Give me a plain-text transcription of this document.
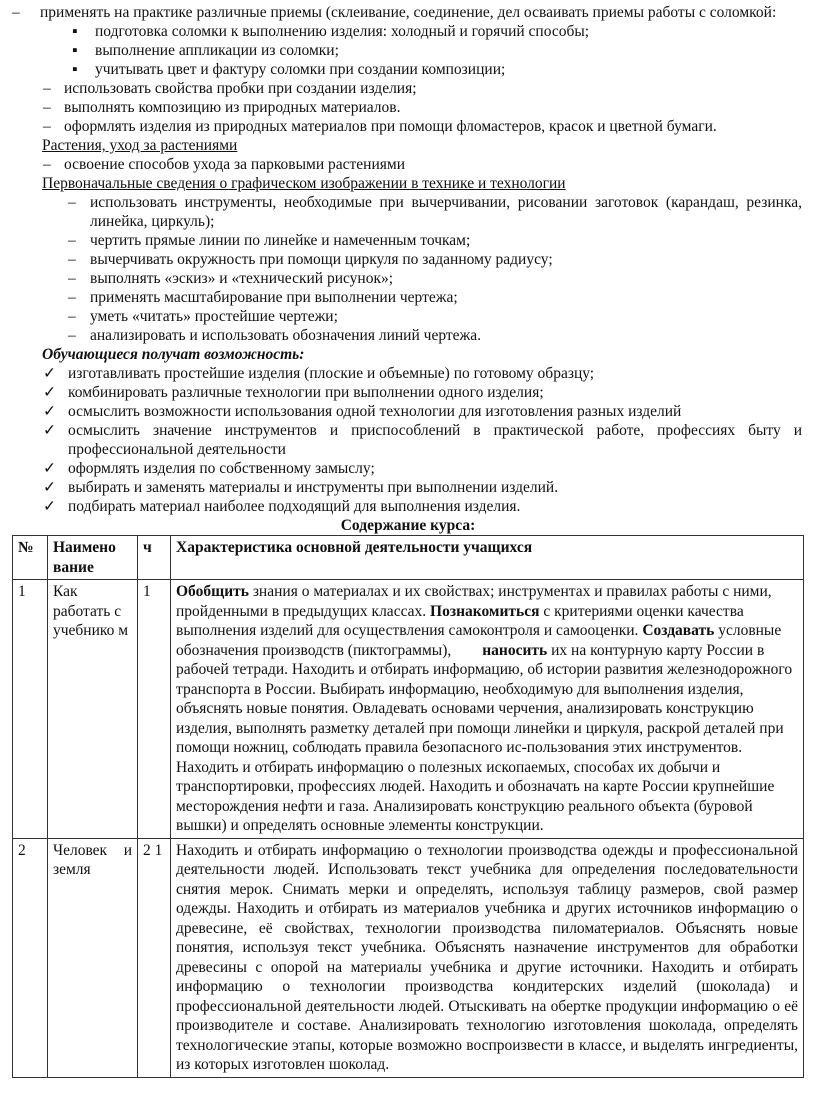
– применять на практике различные приемы (склеивание, соединение, дел осваивать приемы работы с соломкой:
▪ подготовка соломки к выполнению изделия: холодный и горячий способы;
▪ выполнение аппликации из соломки;
▪ учитывать цвет и фактуру соломки при создании композиции;
– использовать свойства пробки при создании изделия;
– выполнять композицию из природных материалов.
– оформлять изделия из природных материалов при помощи фломастеров, красок и цветной бумаги.
Растения, уход за растениями
– освоение способов ухода за парковыми растениями
Первоначальные сведения о графическом изображении в технике и технологии
– использовать инструменты, необходимые при вычерчивании, рисовании заготовок (карандаш, резинка, линейка, циркуль);
– чертить прямые линии по линейке и намеченным точкам;
– вычерчивать окружность при помощи циркуля по заданному радиусу;
– выполнять «эскиз» и «технический рисунок»;
– применять масштабирование при выполнении чертежа;
– уметь «читать» простейшие чертежи;
– анализировать и использовать обозначения линий чертежа.
Обучающиеся получат возможность:
✓ изготавливать простейшие изделия (плоские и объемные) по готовому образцу;
✓ комбинировать различные технологии при выполнении одного изделия;
✓ осмыслить возможности использования одной технологии для изготовления разных изделий
✓ осмыслить значение инструментов и приспособлений в практической работе, профессиях быту и профессиональной деятельности
✓ оформлять изделия по собственному замыслу;
✓ выбирать и заменять материалы и инструменты при выполнении изделий.
✓ подбирать материал наиболее подходящий для выполнения изделия.
Содержание курса:
№	Наимено вание	ч	Характеристика основной деятельности учащихся
1	Как работать с учебнико м	1	Обобщить знания о материалах и их свойствах; инструментах и правилах работы с ними, пройденными в предыдущих классах. Познакомиться с критериями оценки качества выполнения изделий для осуществления самоконтроля и самооценки. Создавать условные обозначения производств (пиктограммы),        наносить их на контурную карту России в рабочей тетради. Находить и отбирать информацию, об истории развития железнодорожного транспорта в России. Выбирать информацию, необходимую для выполнения изделия, объяснять новые понятия. Овладевать основами черчения, анализировать конструкцию изделия, выполнять разметку деталей при помощи линейки и циркуля, раскрой деталей при помощи ножниц, соблюдать правила безопасного ис-пользования этих инструментов.
Находить и отбирать информацию о полезных ископаемых, способах их добычи и транспортировки, профессиях людей. Находить и обозначать на карте России крупнейшие месторождения нефти и газа. Анализировать конструкцию реального объекта (буровой вышки) и определять основные элементы конструкции.

2	Человек и земля	2 1	Находить и отбирать информацию о технологии производства одежды и профессиональной деятельности людей. Использовать текст учебника для определения последовательности снятия мерок. Снимать мерки и определять, используя таблицу размеров, свой размер одежды. Находить и отбирать из материалов учебника и других источников информацию о древесине, её свойствах, технологии производства пиломатериалов. Объяснять новые понятия, используя текст учебника. Объяснять назначение инструментов для обработки древесины с опорой на материалы учебника и другие источники. Находить и отбирать информацию о технологии производства кондитерских изделий (шоколада) и профессиональной деятельности людей. Отыскивать на обертке продукции информацию о её производителе и составе. Анализировать технологию изготовления шоколада, определять технологические этапы, которые возможно воспроизвести в классе, и выделять ингредиенты, из которых изготовлен шоколад.
